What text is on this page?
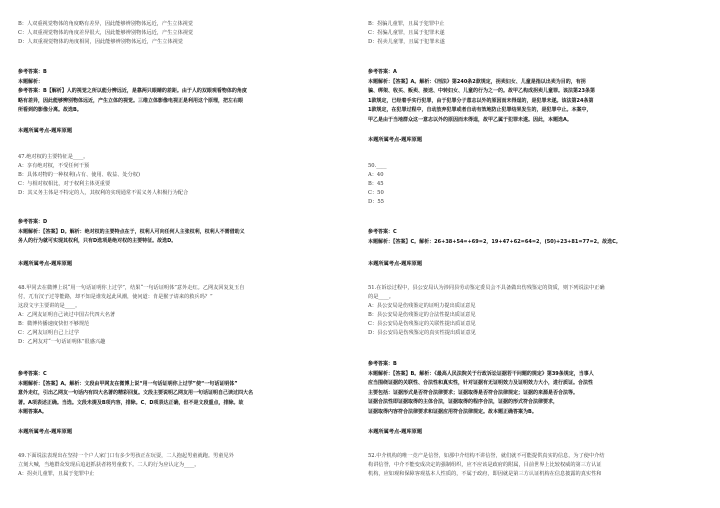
B：人双重视觉物体的角度略有差异，因此能够辨别物体远近，产生立体视觉
C：人双重视觉物体的角度差异很大，因此能够辨别物体远近，产生立体视觉
D：人双重视觉物体的角度相同，因此能够辨别物体远近，产生立体视觉
参考答案：B
本题解析：
参考答案：B【解析】人的视觉之所以能分辨远近，是靠两只眼睛的差距。由于人的双眼观看物体的角度
略有差异，因此能够辨别物体远近，产生立体的视觉。三维立体影像电视正是利用这个原理，把左右眼
所看到的影像分离。故选B。
本题所属考点-题库原题
47.绝对权的主要特征是____。
A：享有绝对权，不受任何干预
B：具体对物的一种权利(占有、使用、收益、处分权)
C：与相对权相比，对于权利主体更重要
D：其义务主体是不特定的人，其权利的实现通常不需义务人积极行为配合
参考答案：D
本题解析：【答案】D。解析：绝对权的主要特点在于，权利人可向任何人主张权利，权利人不需借助义
务人的行为就可实现其权利，只有D选项是绝对权的主要特征。故选D。
本题所属考点-题库原题
48.甲同去在微博上说“用一句话证明你上过学”，结果“一句话证明体”意外走红。乙网友回复复玉自
付，兀有汉子过等能路，却不知是谁发起此风潮，使问道：肯是猴子请来的救兵吗？”
这段文字主要讲的是____。
A：乙网友证明自己读过中国古代四大名著
B：微博传播速度快但不够规范
C：乙网友证明自己上过学
D：乙网友对“一句话证明体”很感兴趣
参考答案：C
本题解析：【答案】A。解析：文段由甲网友在微博上说“用一句话证明你上过学”使“一句话证明体”
意外走红，引出乙网友一句话内有四大名著的精彩回复。文段主要说明乙网友用一句话证明自己读过四大名
著。A项表述正确。当选。文段未提及B项内容，排除。C、D项表达正确，但不是文段重点，排除。故
本题答案A。
本题所属考点-题库原题
49.下面说法表现出在坚持一个户人家门口有多少男孩正在玩耍，二人抱起男童就跑。男童见外
立刻大喊，当地群众发现后追赶抓获者将男童救下。二人的行为应认定为____。
A：拐卖儿童罪，且属于犯罪中止
B：拐骗儿童罪，且属于犯罪中止
C：拐骗儿童罪，且属于犯罪未遂
D：拐卖儿童罪，且属于犯罪未遂
参考答案：A
本题解析：【答案】A。解析：《刑法》第240条2款规定，拐卖妇女、儿童是指以出卖为目的，有拐
骗、绑架、收买、贩卖、接送、中转妇女、儿童的行为之一的。故甲乙构成拐卖儿童罪。该法第23条第
1款规定，已经着手实行犯罪，由于犯罪分子意志以外的原因而未得逞的，是犯罪未遂。该法第24条第
1款规定，在犯罪过程中，自动放弃犯罪或者自动有效地防止犯罪结果发生的，是犯罪中止。本案中，
甲乙是由于当地群众这一意志以外的原因而未得逞，故甲乙属于犯罪未遂。因此，本题选A。
本题所属考点-题库原题
50.____
A：40
B：45
C：50
D：55
参考答案：C
本题解析：【答案】C。解析：26+38+54=+69=2，19+47+62=64=2，(50)+23+81=77=2。故选C。
本题所属考点-题库原题
51.在诉讼过程中，县公安局认为涉同县劳动鉴定委员会不具备做出伤残鉴定的资质，则下列说法中正确
的是____。
A：县公安局是伤残鉴定的证明力提出质证意见
B：县公安局是伤残鉴定的合法性提出质证意见
C：县公安局是伤残鉴定的关联性提出质证意见
D：县公安局是伤残鉴定的真实性提出质证意见
参考答案：B
本题解析：【答案】B。解析：《最高人民法院关于行政诉讼证据若干问题的规定》第39条规定，当事人
应当围绕证据的关联性、合法性和真实性，针对证据有无证明效力及证明效力大小，进行质证。合法性
主要包括：证据形式是否符合法律要求；证据取得是否符合法律规定；证据的来源是否合法等。
证据合法性即证据取得的主体合法，证据取得的程序合法，证据的形式符合法律要求，
证据取得内容符合法律要求和证据应用符合法律规定。故本题正确答案为B。
本题所属考点-题库原题
52.中介机构的唯一竞产是信誉，如那中介结构不讲信誉，就们就不可能提供真实的信息，为了使中介结
构讲信誉，中介不能变成决定的强制组织，应不应该是政府的附属，目前世界上比较权威的第三方认证
机构，应如观和保障客观基本人性质的，不属于政府，即因就是第三方认证机构在信息披露的真实性和
